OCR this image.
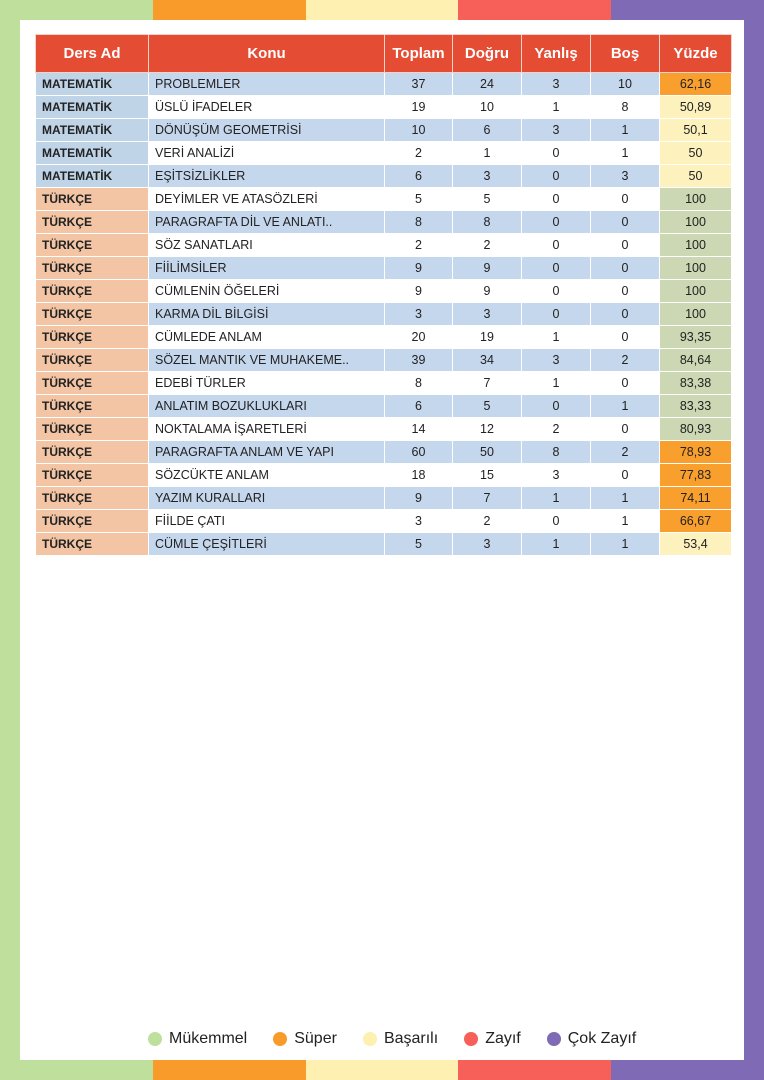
Ders Ad	Konu	Toplam	Doğru	Yanlış	Boş	Yüzde
MATEMATİK	PROBLEMLER	37	24	3	10	62,16
MATEMATİK	ÜSLÜ İFADELER	19	10	1	8	50,89
MATEMATİK	DÖNÜŞÜM GEOMETRİSİ	10	6	3	1	50,1
MATEMATİK	VERİ ANALİZİ	2	1	0	1	50
MATEMATİK	EŞİTSİZLİKLER	6	3	0	3	50
TÜRKÇE	DEYİMLER VE ATASÖZLERİ	5	5	0	0	100
TÜRKÇE	PARAGRAFTA DİL VE ANLATI..	8	8	0	0	100
TÜRKÇE	SÖZ SANATLARI	2	2	0	0	100
TÜRKÇE	FİİLİMSİLER	9	9	0	0	100
TÜRKÇE	CÜMLENİN ÖĞELERİ	9	9	0	0	100
TÜRKÇE	KARMA DİL BİLGİSİ	3	3	0	0	100
TÜRKÇE	CÜMLEDE ANLAM	20	19	1	0	93,35
TÜRKÇE	SÖZEL MANTIK VE MUHAKEME..	39	34	3	2	84,64
TÜRKÇE	EDEBİ TÜRLER	8	7	1	0	83,38
TÜRKÇE	ANLATIM BOZUKLUKLARI	6	5	0	1	83,33
TÜRKÇE	NOKTALAMA İŞARETLERİ	14	12	2	0	80,93
TÜRKÇE	PARAGRAFTA ANLAM VE YAPI	60	50	8	2	78,93
TÜRKÇE	SÖZCÜKTE ANLAM	18	15	3	0	77,83
TÜRKÇE	YAZIM KURALLARI	9	7	1	1	74,11
TÜRKÇE	FİİLDE ÇATI	3	2	0	1	66,67
TÜRKÇE	CÜMLE ÇEŞİTLERİ	5	3	1	1	53,4
Mükemmel	Süper	Başarılı	Zayıf	Çok Zayıf
